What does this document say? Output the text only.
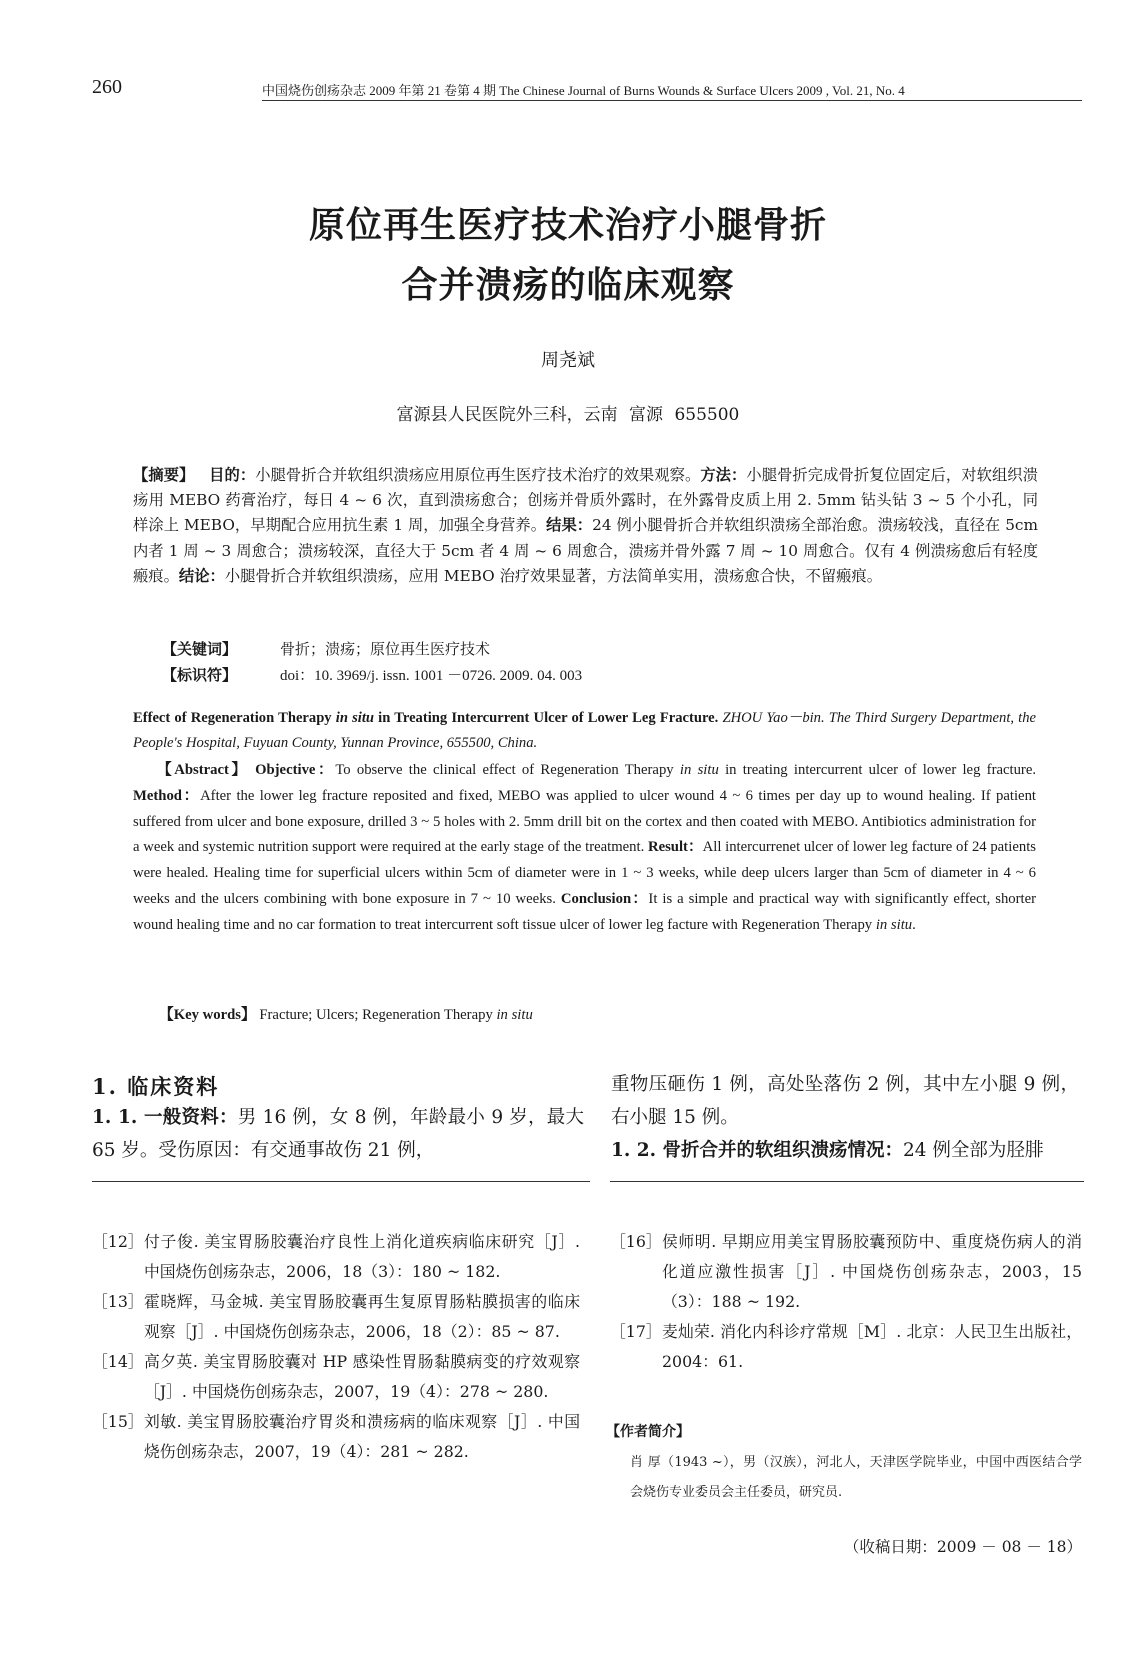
260	中国烧伤创疡杂志 2009 年第 21 卷第 4 期 The Chinese Journal of Burns Wounds & Surface Ulcers 2009 , Vol. 21, No. 4
原位再生医疗技术治疗小腿骨折
合并溃疡的临床观察
周尧斌
富源县人民医院外三科，云南 富源 655500
【摘要】 目的：小腿骨折合并软组织溃疡应用原位再生医疗技术治疗的效果观察。方法：小腿骨折完成骨折复位固定后，对软组织溃疡用 MEBO 药膏治疗，每日 4 ~ 6 次，直到溃疡愈合；创疡并骨质外露时，在外露骨皮质上用 2. 5mm 钻头钻 3 ~ 5 个小孔，同样涂上 MEBO，早期配合应用抗生素 1 周，加强全身营养。结果：24 例小腿骨折合并软组织溃疡全部治愈。溃疡较浅，直径在 5cm 内者 1 周 ~ 3 周愈合；溃疡较深，直径大于 5cm 者 4 周 ~ 6 周愈合，溃疡并骨外露 7 周 ~ 10 周愈合。仅有 4 例溃疡愈后有轻度瘢痕。结论：小腿骨折合并软组织溃疡，应用 MEBO 治疗效果显著，方法简单实用，溃疡愈合快，不留瘢痕。
【关键词】	骨折；溃疡；原位再生医疗技术
【标识符】	doi：10. 3969/j. issn. 1001 －0726. 2009. 04. 003
Effect of Regeneration Therapy in situ in Treating Intercurrent Ulcer of Lower Leg Fracture. ZHOU Yao－bin. The Third Surgery Department, the People's Hospital, Fuyuan County, Yunnan Province, 655500, China.
【Abstract】 Objective：To observe the clinical effect of Regeneration Therapy in situ in treating intercurrent ulcer of lower leg fracture. Method：After the lower leg fracture reposited and fixed, MEBO was applied to ulcer wound 4 ~ 6 times per day up to wound healing. If patient suffered from ulcer and bone exposure, drilled 3 ~ 5 holes with 2. 5mm drill bit on the cortex and then coated with MEBO. Antibiotics administration for a week and systemic nutrition support were required at the early stage of the treatment. Result：All intercurrenet ulcer of lower leg facture of 24 patients were healed. Healing time for superficial ulcers within 5cm of diameter were in 1 ~ 3 weeks, while deep ulcers larger than 5cm of diameter in 4 ~ 6 weeks and the ulcers combining with bone exposure in 7 ~ 10 weeks. Conclusion：It is a simple and practical way with significantly effect, shorter wound healing time and no car formation to treat intercurrent soft tissue ulcer of lower leg facture with Regeneration Therapy in situ.
【Key words】 Fracture; Ulcers; Regeneration Therapy in situ
1. 临床资料
1. 1. 一般资料：男 16 例，女 8 例，年龄最小 9 岁，最大 65 岁。受伤原因：有交通事故伤 21 例，
重物压砸伤 1 例，高处坠落伤 2 例，其中左小腿 9 例，右小腿 15 例。
1. 2. 骨折合并的软组织溃疡情况：24 例全部为胫腓
［12］ 付子俊. 美宝胃肠胶囊治疗良性上消化道疾病临床研究［J］. 中国烧伤创疡杂志，2006，18（3）：180 ~ 182.
［13］ 霍晓辉，马金城. 美宝胃肠胶囊再生复原胃肠粘膜损害的临床观察［J］. 中国烧伤创疡杂志，2006，18（2）：85 ~ 87.
［14］ 高夕英. 美宝胃肠胶囊对 HP 感染性胃肠黏膜病变的疗效观察［J］. 中国烧伤创疡杂志，2007，19（4）：278 ~ 280.
［15］ 刘敏. 美宝胃肠胶囊治疗胃炎和溃疡病的临床观察［J］. 中国烧伤创疡杂志，2007，19（4）：281 ~ 282.
［16］ 侯师明. 早期应用美宝胃肠胶囊预防中、重度烧伤病人的消化道应激性损害［J］. 中国烧伤创疡杂志，2003，15（3）：188 ~ 192.
［17］ 麦灿荣. 消化内科诊疗常规［M］. 北京：人民卫生出版社，2004：61.
【作者简介】
肖 厚（1943 ~），男（汉族），河北人，天津医学院毕业，中国中西医结合学会烧伤专业委员会主任委员，研究员.
（收稿日期：2009 － 08 － 18）
